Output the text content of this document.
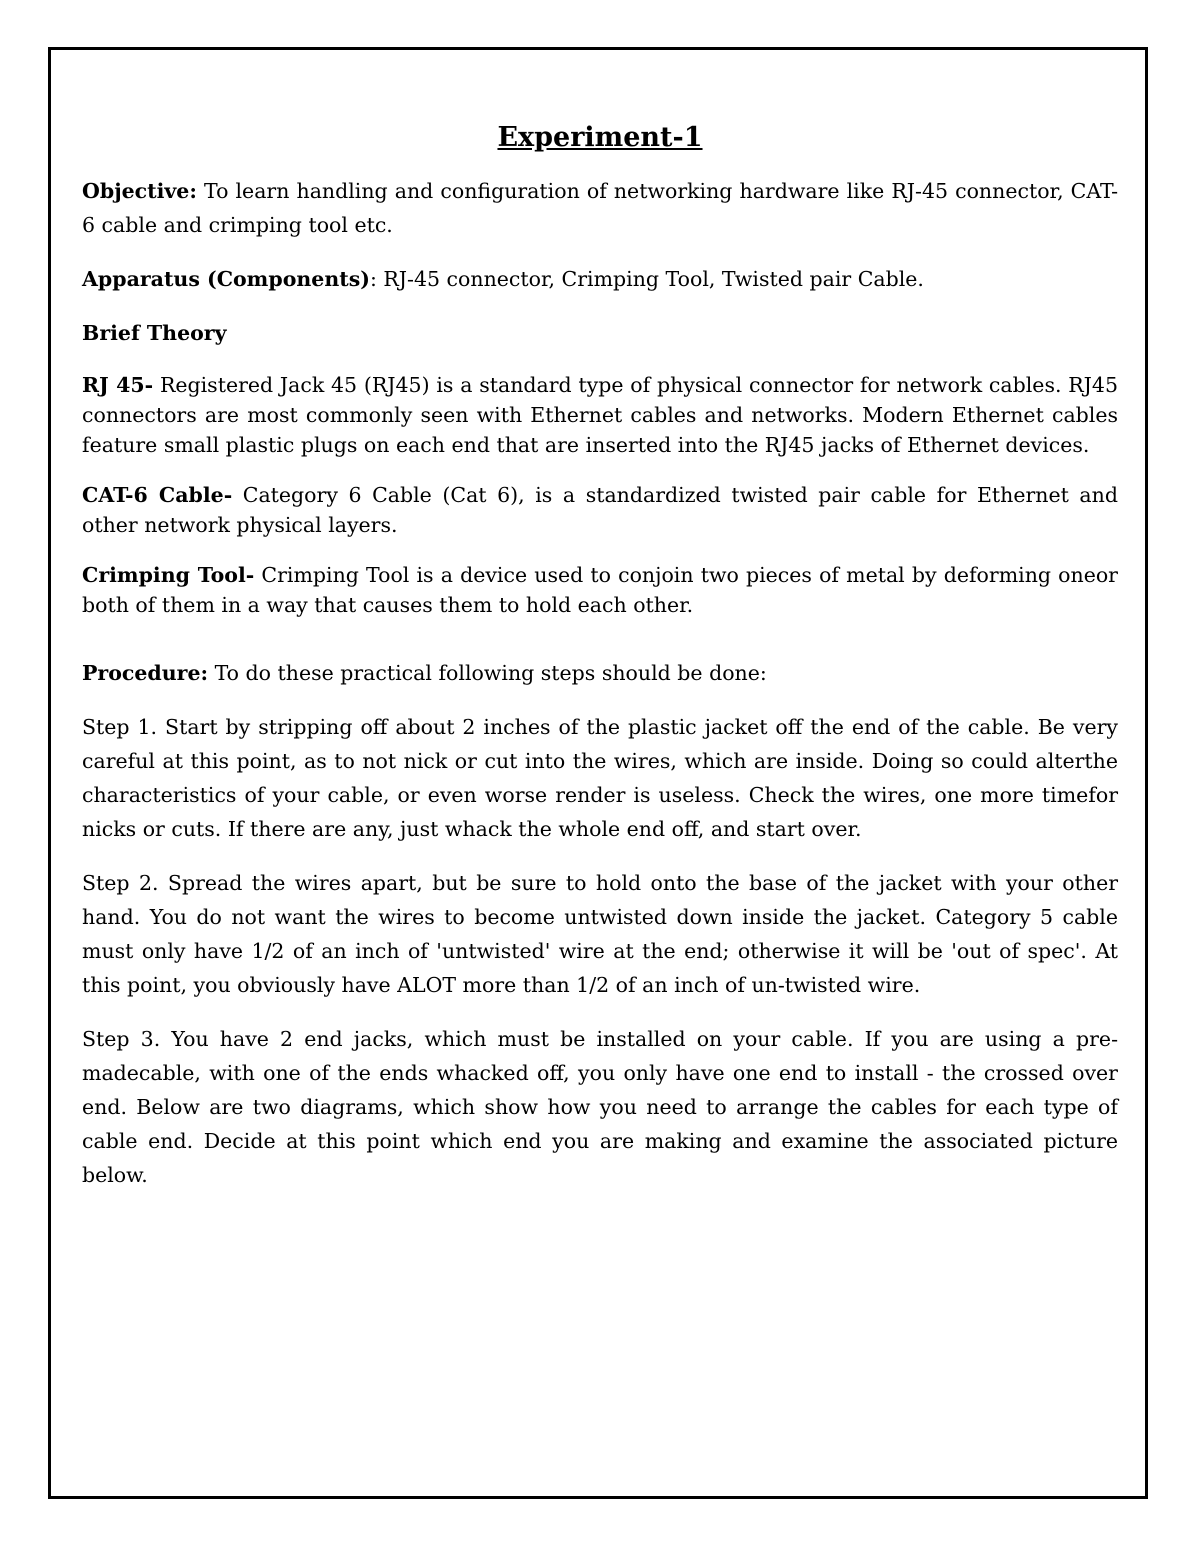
Experiment-1

Objective: To learn handling and configuration of networking hardware like RJ-45 connector, CAT-6 cable and crimping tool etc.

Apparatus (Components): RJ-45 connector, Crimping Tool, Twisted pair Cable.

Brief Theory

RJ 45- Registered Jack 45 (RJ45) is a standard type of physical connector for network cables. RJ45 connectors are most commonly seen with Ethernet cables and networks. Modern Ethernet cables feature small plastic plugs on each end that are inserted into the RJ45 jacks of Ethernet devices.

CAT-6 Cable- Category 6 Cable (Cat 6), is a standardized twisted pair cable for Ethernet and other network physical layers.

Crimping Tool- Crimping Tool is a device used to conjoin two pieces of metal by deforming oneor both of them in a way that causes them to hold each other.

Procedure: To do these practical following steps should be done:

Step 1. Start by stripping off about 2 inches of the plastic jacket off the end of the cable. Be very careful at this point, as to not nick or cut into the wires, which are inside. Doing so could alterthe characteristics of your cable, or even worse render is useless. Check the wires, one more timefor nicks or cuts. If there are any, just whack the whole end off, and start over.

Step 2. Spread the wires apart, but be sure to hold onto the base of the jacket with your other hand. You do not want the wires to become untwisted down inside the jacket. Category 5 cable must only have 1/2 of an inch of 'untwisted' wire at the end; otherwise it will be 'out of spec'. At this point, you obviously have ALOT more than 1/2 of an inch of un-twisted wire.

Step 3. You have 2 end jacks, which must be installed on your cable. If you are using a pre-madecable, with one of the ends whacked off, you only have one end to install - the crossed over end. Below are two diagrams, which show how you need to arrange the cables for each type of cable end. Decide at this point which end you are making and examine the associated picture below.
